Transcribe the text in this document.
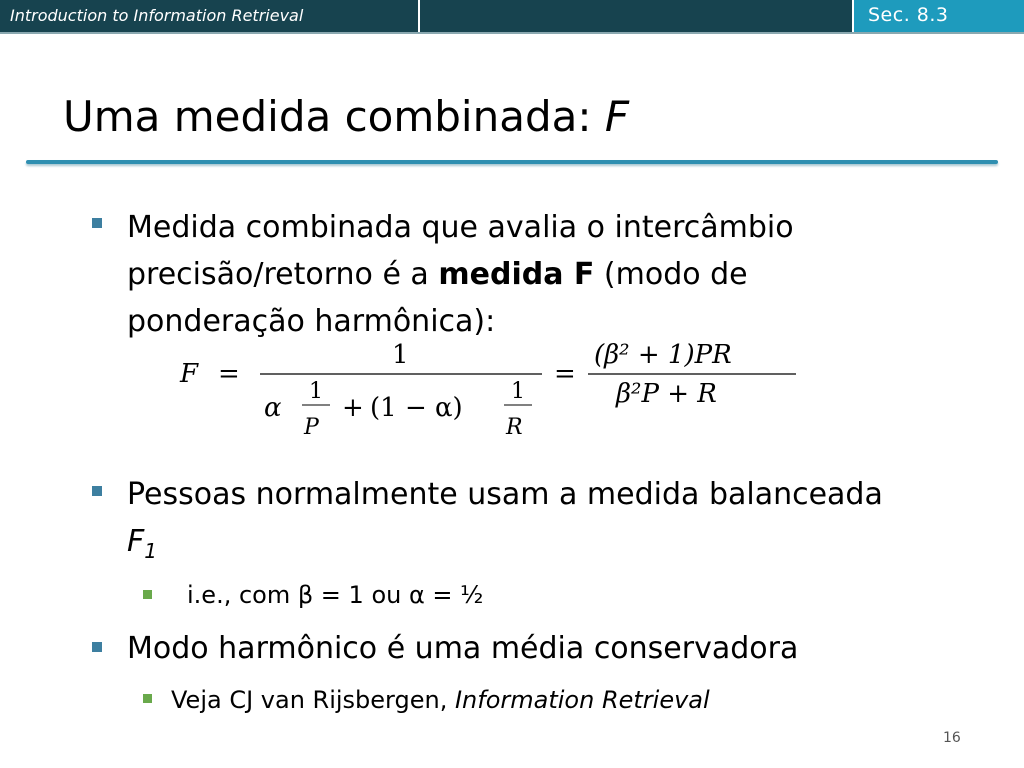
Introduction to Information Retrieval	Sec. 8.3
Uma medida combinada: F
Medida combinada que avalia o intercâmbio
precisão/retorno é a medida F (modo de
ponderação harmônica):
F =
1
α
1
P
+ (1 − α)
1
R
=
(β² + 1)PR
β²P + R
Pessoas normalmente usam a medida balanceada
$F_1$
i.e., com β = 1 ou α = ½
Modo harmônico é uma média conservadora
Veja CJ van Rijsbergen, Information Retrieval
16
